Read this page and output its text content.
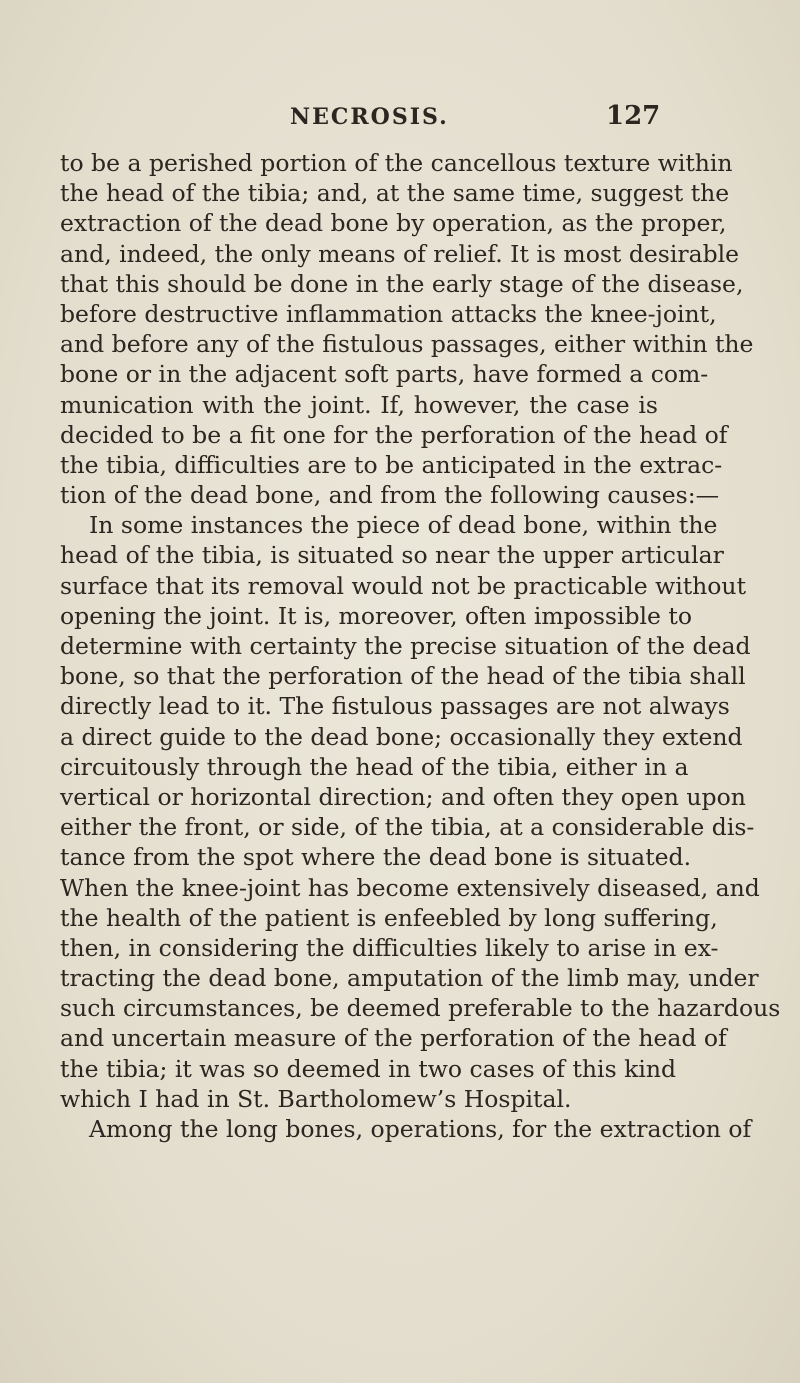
NECROSIS.	127
to be a perished portion of the cancellous texture within
the head of the tibia; and, at the same time, suggest the
extraction of the dead bone by operation, as the proper,
and, indeed, the only means of relief. It is most desirable
that this should be done in the early stage of the disease,
before destructive inflammation attacks the knee-joint,
and before any of the fistulous passages, either within the
bone or in the adjacent soft parts, have formed a com-
munication with the joint. If, however, the case is
decided to be a fit one for the perforation of the head of
the tibia, difficulties are to be anticipated in the extrac-
tion of the dead bone, and from the following causes:—
In some instances the piece of dead bone, within the
head of the tibia, is situated so near the upper articular
surface that its removal would not be practicable without
opening the joint. It is, moreover, often impossible to
determine with certainty the precise situation of the dead
bone, so that the perforation of the head of the tibia shall
directly lead to it. The fistulous passages are not always
a direct guide to the dead bone; occasionally they extend
circuitously through the head of the tibia, either in a
vertical or horizontal direction; and often they open upon
either the front, or side, of the tibia, at a considerable dis-
tance from the spot where the dead bone is situated.
When the knee-joint has become extensively diseased, and
the health of the patient is enfeebled by long suffering,
then, in considering the difficulties likely to arise in ex-
tracting the dead bone, amputation of the limb may, under
such circumstances, be deemed preferable to the hazardous
and uncertain measure of the perforation of the head of
the tibia; it was so deemed in two cases of this kind
which I had in St. Bartholomew’s Hospital.
Among the long bones, operations, for the extraction of
